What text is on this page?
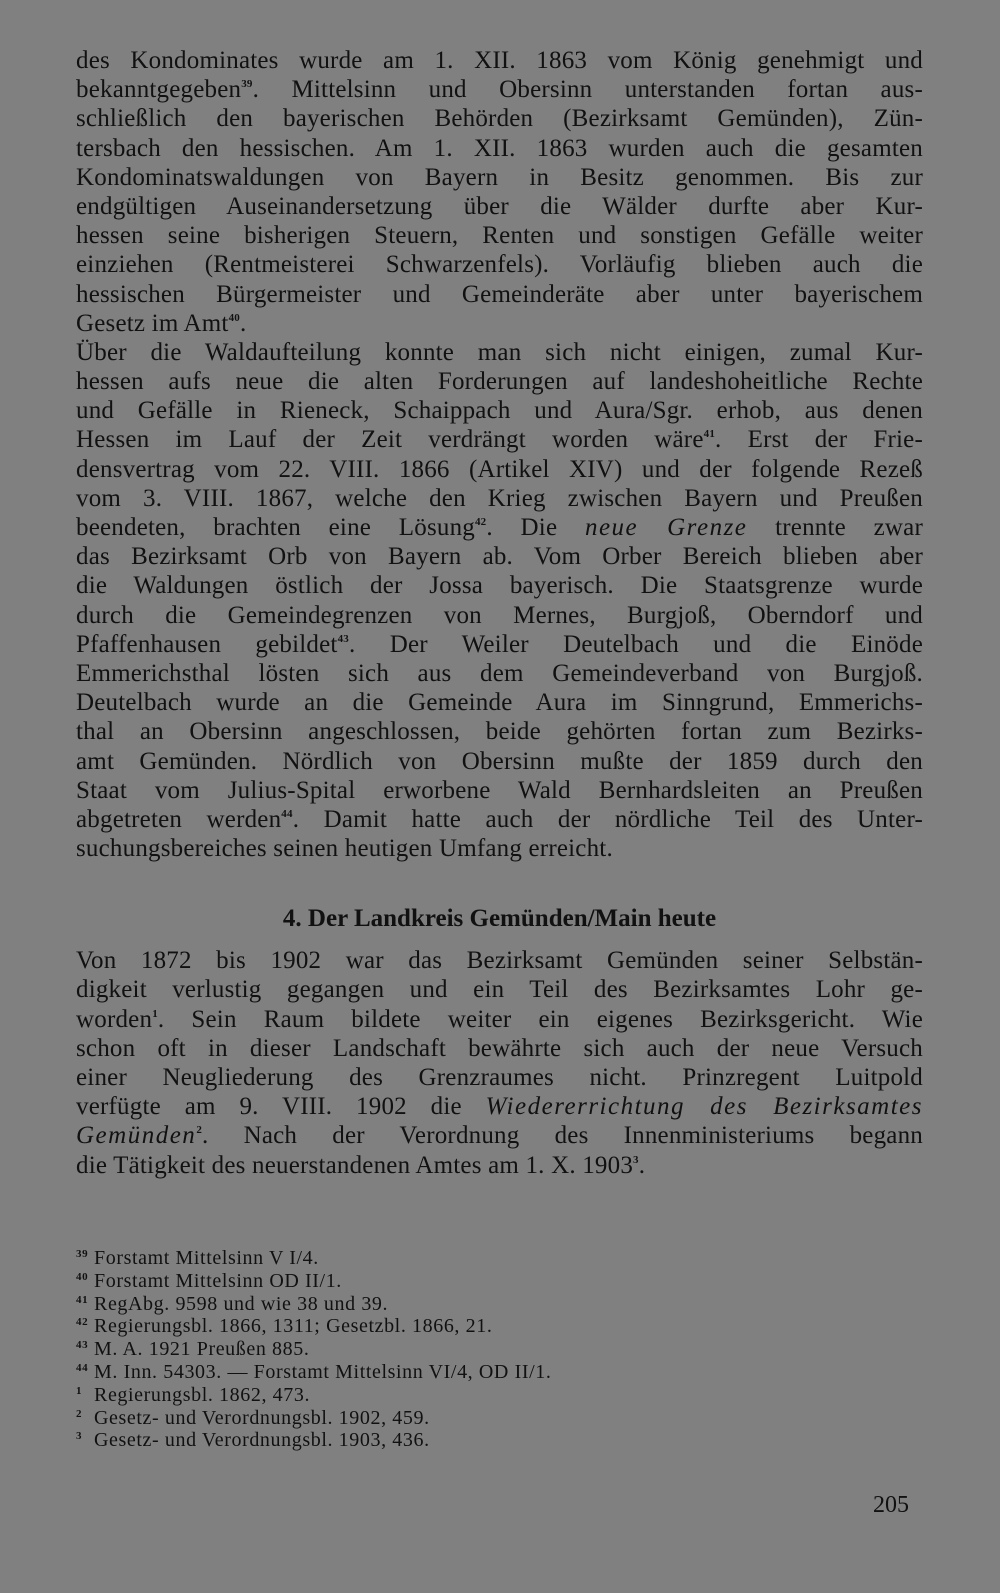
des Kondominates wurde am 1. XII. 1863 vom König genehmigt und
bekanntgegeben$^{39}$. Mittelsinn und Obersinn unterstanden fortan aus-
schließlich den bayerischen Behörden (Bezirksamt Gemünden), Zün-
tersbach den hessischen. Am 1. XII. 1863 wurden auch die gesamten
Kondominatswaldungen von Bayern in Besitz genommen. Bis zur
endgültigen Auseinandersetzung über die Wälder durfte aber Kur-
hessen seine bisherigen Steuern, Renten und sonstigen Gefälle weiter
einziehen (Rentmeisterei Schwarzenfels). Vorläufig blieben auch die
hessischen Bürgermeister und Gemeinderäte aber unter bayerischem
Gesetz im Amt$^{40}$.
Über die Waldaufteilung konnte man sich nicht einigen, zumal Kur-
hessen aufs neue die alten Forderungen auf landeshoheitliche Rechte
und Gefälle in Rieneck, Schaippach und Aura/Sgr. erhob, aus denen
Hessen im Lauf der Zeit verdrängt worden wäre$^{41}$. Erst der Frie-
densvertrag vom 22. VIII. 1866 (Artikel XIV) und der folgende Rezeß
vom 3. VIII. 1867, welche den Krieg zwischen Bayern und Preußen
beendeten, brachten eine Lösung$^{42}$. Die neue Grenze trennte zwar
das Bezirksamt Orb von Bayern ab. Vom Orber Bereich blieben aber
die Waldungen östlich der Jossa bayerisch. Die Staatsgrenze wurde
durch die Gemeindegrenzen von Mernes, Burgjoß, Oberndorf und
Pfaffenhausen gebildet$^{43}$. Der Weiler Deutelbach und die Einöde
Emmerichsthal lösten sich aus dem Gemeindeverband von Burgjoß.
Deutelbach wurde an die Gemeinde Aura im Sinngrund, Emmerichs-
thal an Obersinn angeschlossen, beide gehörten fortan zum Bezirks-
amt Gemünden. Nördlich von Obersinn mußte der 1859 durch den
Staat vom Julius-Spital erworbene Wald Bernhardsleiten an Preußen
abgetreten werden$^{44}$. Damit hatte auch der nördliche Teil des Unter-
suchungsbereiches seinen heutigen Umfang erreicht.
4. Der Landkreis Gemünden/Main heute
Von 1872 bis 1902 war das Bezirksamt Gemünden seiner Selbstän-
digkeit verlustig gegangen und ein Teil des Bezirksamtes Lohr ge-
worden$^1$. Sein Raum bildete weiter ein eigenes Bezirksgericht. Wie
schon oft in dieser Landschaft bewährte sich auch der neue Versuch
einer Neugliederung des Grenzraumes nicht. Prinzregent Luitpold
verfügte am 9. VIII. 1902 die Wiedererrichtung des Bezirksamtes
Gemünden$^2$. Nach der Verordnung des Innenministeriums begann
die Tätigkeit des neuerstandenen Amtes am 1. X. 1903$^3$.
39 Forstamt Mittelsinn V I/4.
40 Forstamt Mittelsinn OD II/1.
41 RegAbg. 9598 und wie 38 und 39.
42 Regierungsbl. 1866, 1311; Gesetzbl. 1866, 21.
43 M. A. 1921 Preußen 885.
44 M. Inn. 54303. — Forstamt Mittelsinn VI/4, OD II/1.
1 Regierungsbl. 1862, 473.
2 Gesetz- und Verordnungsbl. 1902, 459.
3 Gesetz- und Verordnungsbl. 1903, 436.
205
